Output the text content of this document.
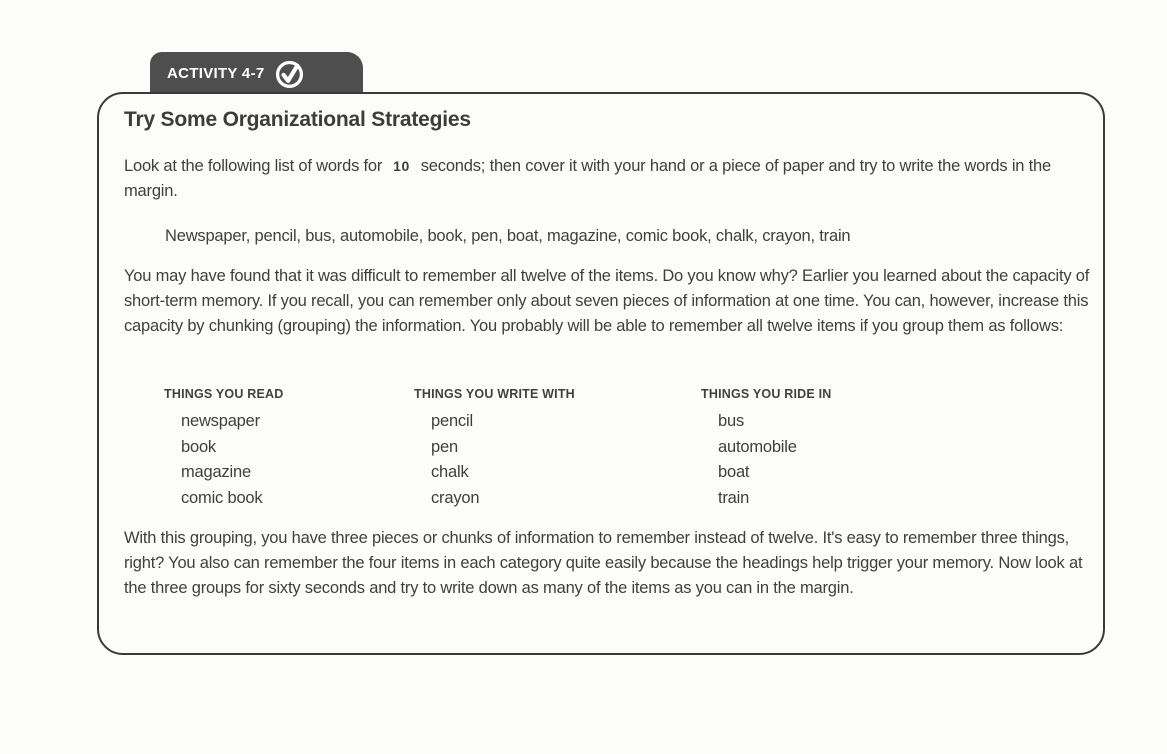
ACTIVITY 4-7
Try Some Organizational Strategies

Look at the following list of words for 10 seconds; then cover it with your hand or a piece of paper and try to write the words in the margin.

Newspaper, pencil, bus, automobile, book, pen, boat, magazine, comic book, chalk, crayon, train

You may have found that it was difficult to remember all twelve of the items. Do you know why? Earlier you learned about the capacity of short-term memory. If you recall, you can remember only about seven pieces of information at one time. You can, however, increase this capacity by chunking (grouping) the information. You probably will be able to remember all twelve items if you group them as follows:

THINGS YOU READ
newspaper
book
magazine
comic book
THINGS YOU WRITE WITH
pencil
pen
chalk
crayon
THINGS YOU RIDE IN
bus
automobile
boat
train

With this grouping, you have three pieces or chunks of information to remember instead of twelve. It's easy to remember three things, right? You also can remember the four items in each category quite easily because the headings help trigger your memory. Now look at the three groups for sixty seconds and try to write down as many of the items as you can in the margin.
